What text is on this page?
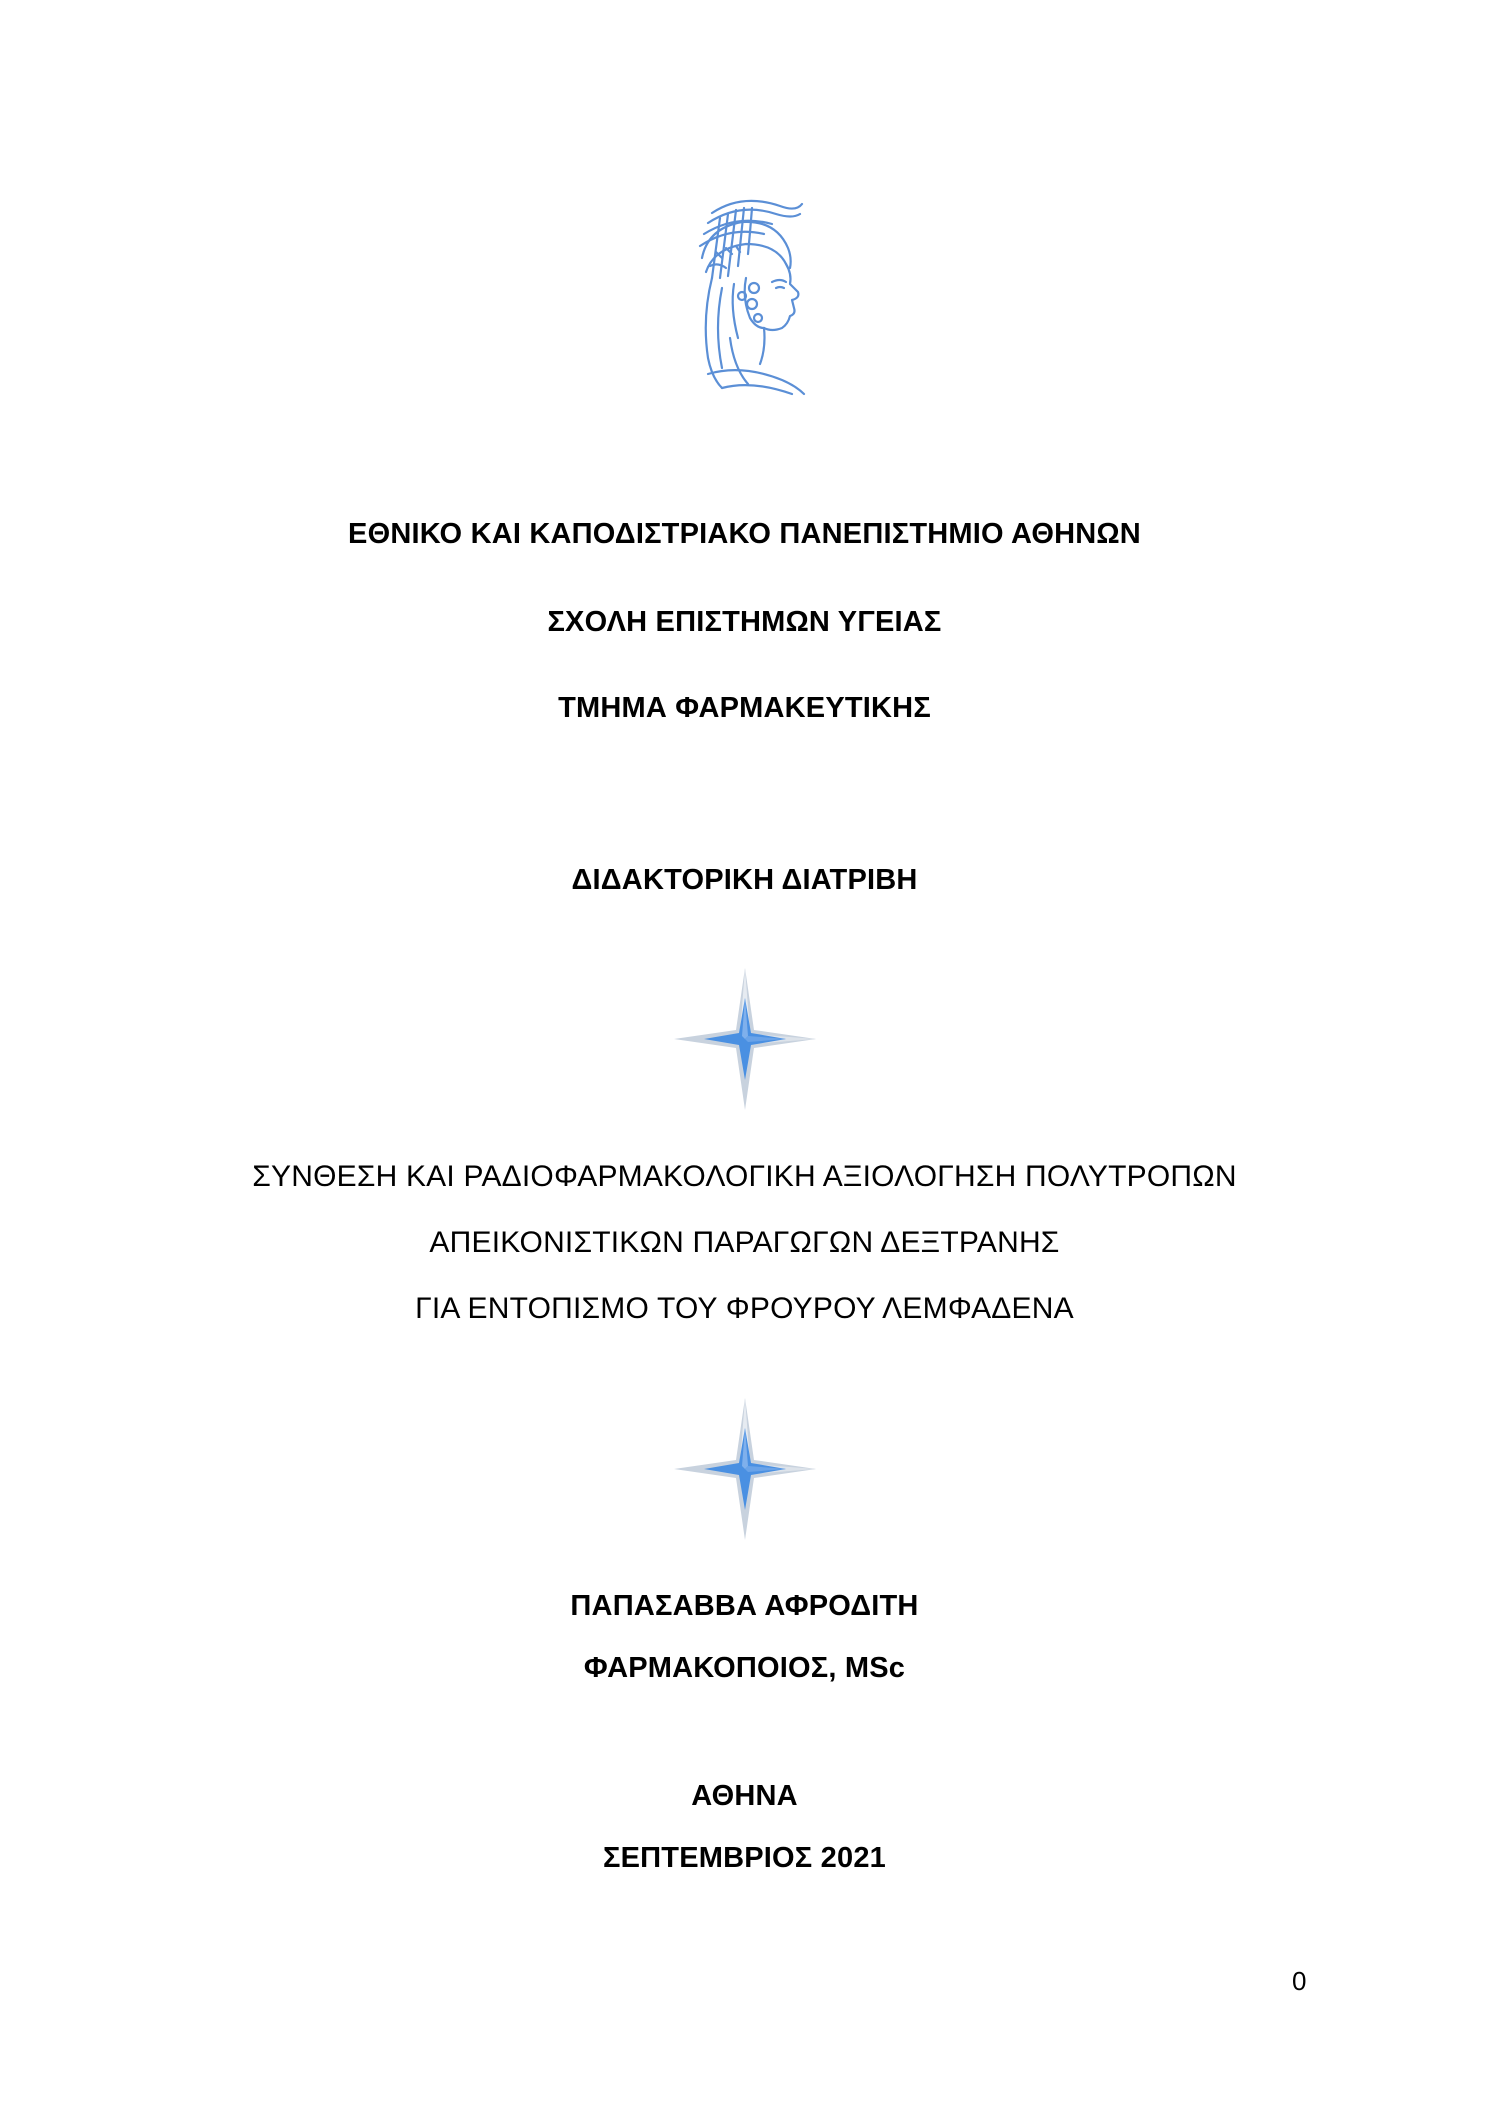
ΕΘΝΙΚΟ ΚΑΙ ΚΑΠΟΔΙΣΤΡΙΑΚΟ ΠΑΝΕΠΙΣΤΗΜΙΟ ΑΘΗΝΩΝ
ΣΧΟΛΗ ΕΠΙΣΤΗΜΩΝ ΥΓΕΙΑΣ
ΤΜΗΜΑ ΦΑΡΜΑΚΕΥΤΙΚΗΣ
ΔΙΔΑΚΤΟΡΙΚΗ ΔΙΑΤΡΙΒΗ
ΣΥΝΘΕΣΗ ΚΑΙ ΡΑΔΙΟΦΑΡΜΑΚΟΛΟΓΙΚΗ ΑΞΙΟΛΟΓΗΣΗ ΠΟΛΥΤΡΟΠΩΝ
ΑΠΕΙΚΟΝΙΣΤΙΚΩΝ ΠΑΡΑΓΩΓΩΝ ΔΕΞΤΡΑΝΗΣ
ΓΙΑ ΕΝΤΟΠΙΣΜΟ ΤΟΥ ΦΡΟΥΡΟΥ ΛΕΜΦΑΔΕΝΑ
ΠΑΠΑΣΑΒΒΑ ΑΦΡΟΔΙΤΗ
ΦΑΡΜΑΚΟΠΟΙΟΣ, MSc
ΑΘΗΝΑ
ΣΕΠΤΕΜΒΡΙΟΣ 2021
0
